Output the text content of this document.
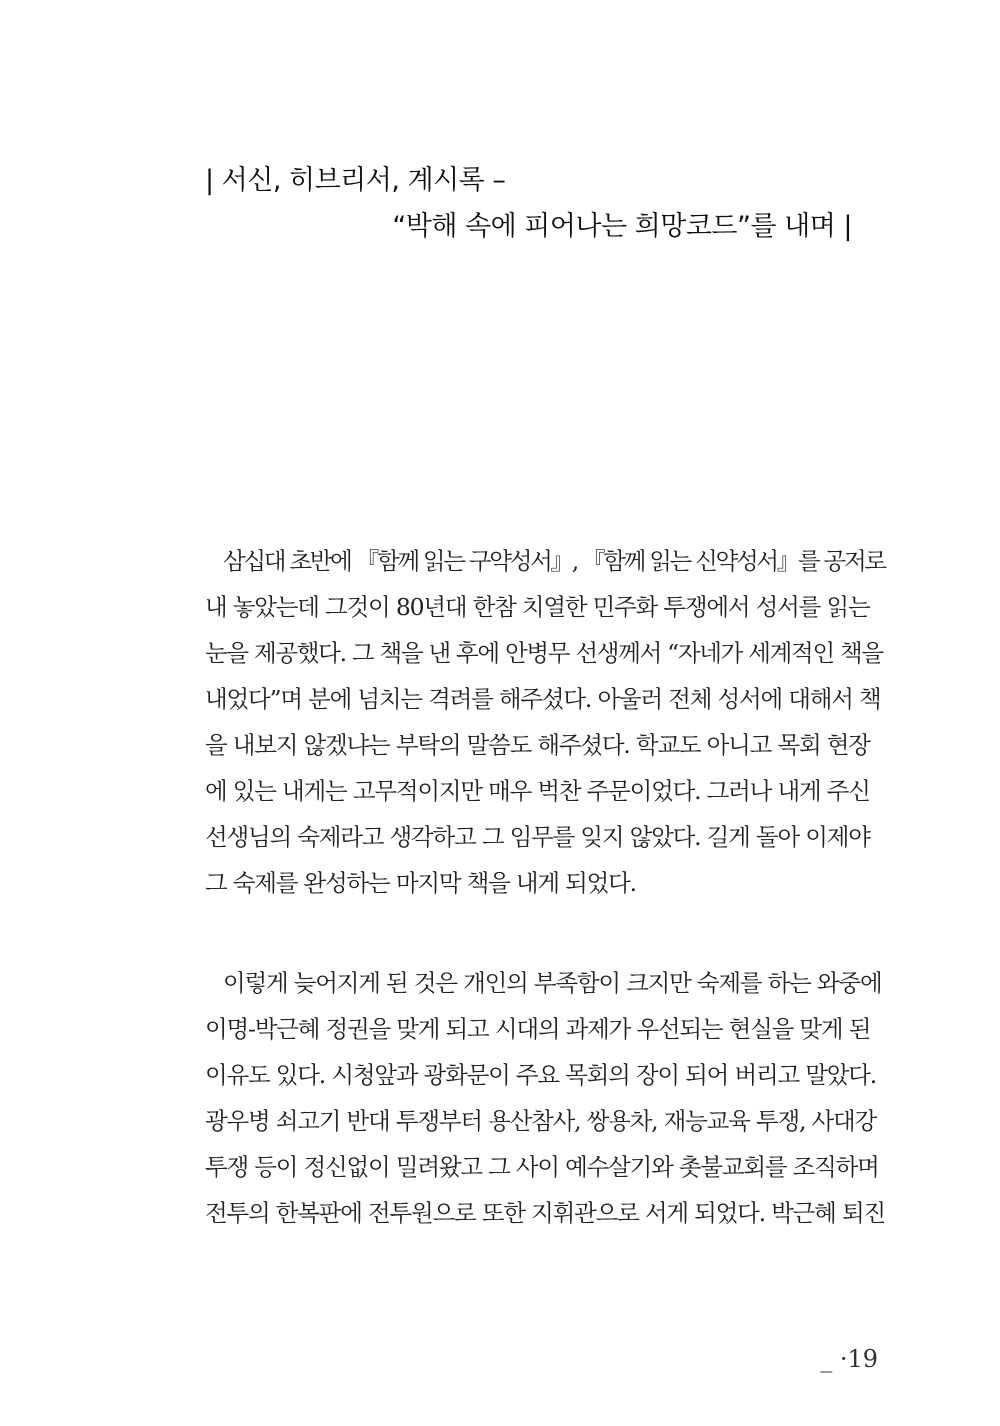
| 서신, 히브리서, 계시록 –
“박해 속에 피어나는 희망코드”를 내며 |
삼십대 초반에 『함께 읽는 구약성서』, 『함께 읽는 신약성서』를 공저로
내 놓았는데 그것이 80년대 한참 치열한 민주화 투쟁에서 성서를 읽는
눈을 제공했다. 그 책을 낸 후에 안병무 선생께서 “자네가 세계적인 책을
내었다”며 분에 넘치는 격려를 해주셨다. 아울러 전체 성서에 대해서 책
을 내보지 않겠냐는 부탁의 말씀도 해주셨다. 학교도 아니고 목회 현장
에 있는 내게는 고무적이지만 매우 벅찬 주문이었다. 그러나 내게 주신
선생님의 숙제라고 생각하고 그 임무를 잊지 않았다. 길게 돌아 이제야
그 숙제를 완성하는 마지막 책을 내게 되었다.
이렇게 늦어지게 된 것은 개인의 부족함이 크지만 숙제를 하는 와중에
이명-박근혜 정권을 맞게 되고 시대의 과제가 우선되는 현실을 맞게 된
이유도 있다. 시청앞과 광화문이 주요 목회의 장이 되어 버리고 말았다.
광우병 쇠고기 반대 투쟁부터 용산참사, 쌍용차, 재능교육 투쟁, 사대강
투쟁 등이 정신없이 밀려왔고 그 사이 예수살기와 촛불교회를 조직하며
전투의 한복판에 전투원으로 또한 지휘관으로 서게 되었다. 박근혜 퇴진
_ ·19
